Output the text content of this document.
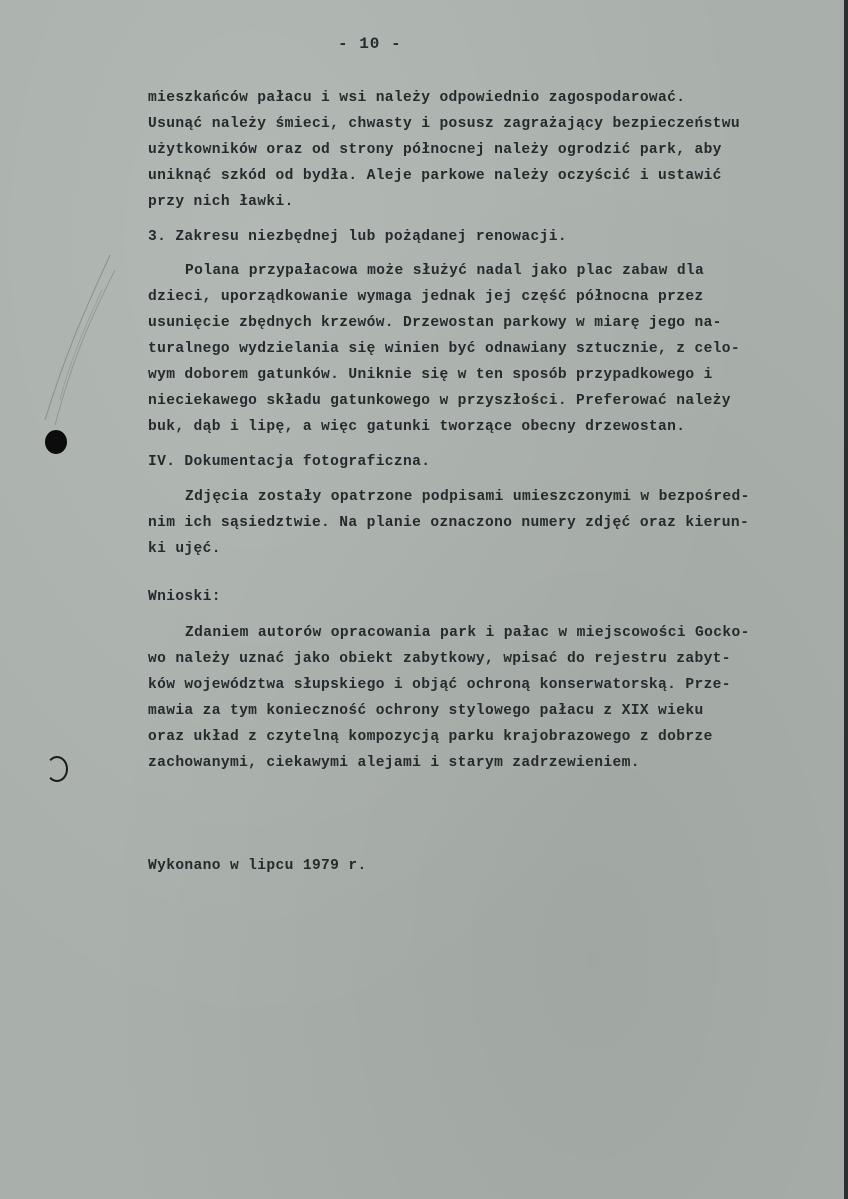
- 10 -
mieszkańców pałacu i wsi należy odpowiednio zagospodarować.
Usunąć należy śmieci, chwasty i posusz zagrażający bezpieczeństwu
użytkowników oraz od strony północnej należy ogrodzić park, aby
uniknąć szkód od bydła. Aleje parkowe należy oczyścić i ustawić
przy nich ławki.
3. Zakresu niezbędnej lub pożądanej renowacji.
Polana przypałacowa może służyć nadal jako plac zabaw dla
dzieci, uporządkowanie wymaga jednak jej część północna przez
usunięcie zbędnych krzewów. Drzewostan parkowy w miarę jego na-
turalnego wydzielania się winien być odnawiany sztucznie, z celo-
wym doborem gatunków. Uniknie się w ten sposób przypadkowego i
nieciekawego składu gatunkowego w przyszłości. Preferować należy
buk, dąb i lipę, a więc gatunki tworzące obecny drzewostan.
IV. Dokumentacja fotograficzna.
Zdjęcia zostały opatrzone podpisami umieszczonymi w bezpośred-
nim ich sąsiedztwie. Na planie oznaczono numery zdjęć oraz kierun-
ki ujęć.
Wnioski:
Zdaniem autorów opracowania park i pałac w miejscowości Gocko-
wo należy uznać jako obiekt zabytkowy, wpisać do rejestru zabyt-
ków województwa słupskiego i objąć ochroną konserwatorską. Prze-
mawia za tym konieczność ochrony stylowego pałacu z XIX wieku
oraz układ z czytelną kompozycją parku krajobrazowego z dobrze
zachowanymi, ciekawymi alejami i starym zadrzewieniem.
Wykonano w lipcu 1979 r.
